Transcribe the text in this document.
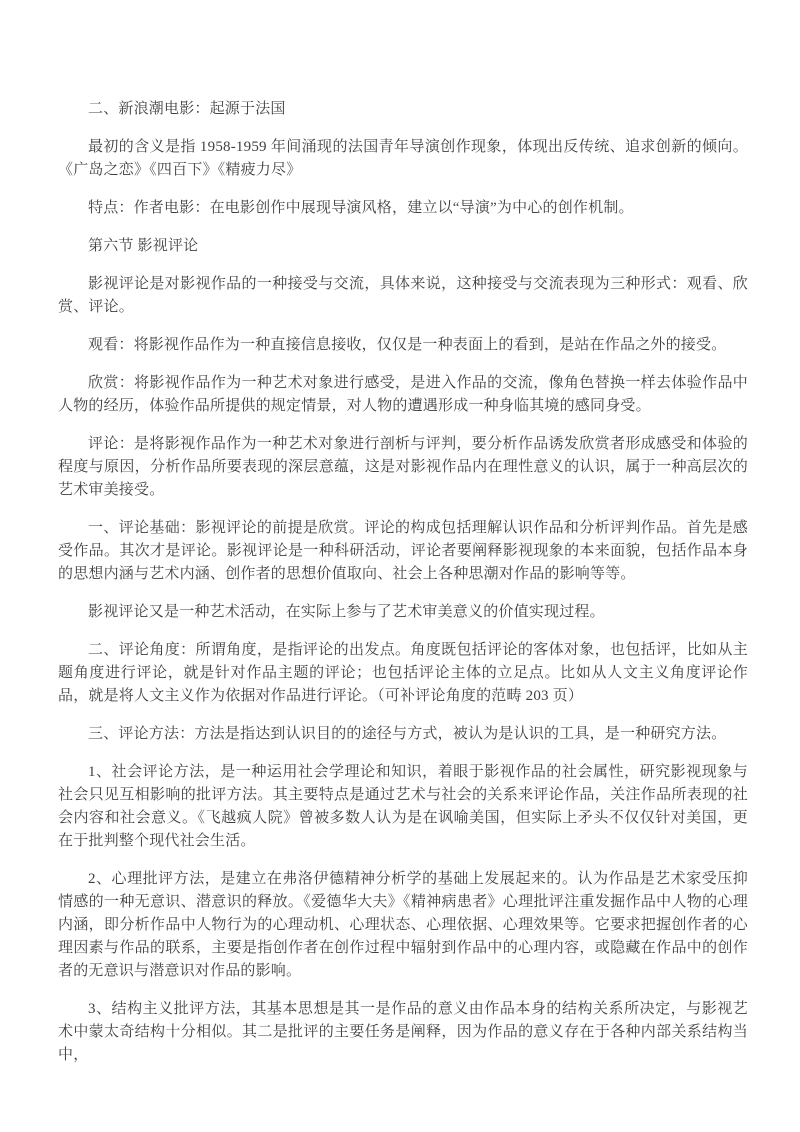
二、新浪潮电影：起源于法国

最初的含义是指 1958-1959 年间涌现的法国青年导演创作现象，体现出反传统、追求创新的倾向。《广岛之恋》《四百下》《精疲力尽》

特点：作者电影：在电影创作中展现导演风格，建立以“导演”为中心的创作机制。

第六节 影视评论

影视评论是对影视作品的一种接受与交流，具体来说，这种接受与交流表现为三种形式：观看、欣赏、评论。

观看：将影视作品作为一种直接信息接收，仅仅是一种表面上的看到，是站在作品之外的接受。

欣赏：将影视作品作为一种艺术对象进行感受，是进入作品的交流，像角色替换一样去体验作品中人物的经历，体验作品所提供的规定情景，对人物的遭遇形成一种身临其境的感同身受。

评论：是将影视作品作为一种艺术对象进行剖析与评判，要分析作品诱发欣赏者形成感受和体验的程度与原因，分析作品所要表现的深层意蕴，这是对影视作品内在理性意义的认识，属于一种高层次的艺术审美接受。

一、评论基础：影视评论的前提是欣赏。评论的构成包括理解认识作品和分析评判作品。首先是感受作品。其次才是评论。影视评论是一种科研活动，评论者要阐释影视现象的本来面貌，包括作品本身的思想内涵与艺术内涵、创作者的思想价值取向、社会上各种思潮对作品的影响等等。

影视评论又是一种艺术活动，在实际上参与了艺术审美意义的价值实现过程。

二、评论角度：所谓角度，是指评论的出发点。角度既包括评论的客体对象，也包括评，比如从主题角度进行评论，就是针对作品主题的评论；也包括评论主体的立足点。比如从人文主义角度评论作品，就是将人文主义作为依据对作品进行评论。（可补评论角度的范畴 203 页）

三、评论方法：方法是指达到认识目的的途径与方式，被认为是认识的工具，是一种研究方法。

1、社会评论方法，是一种运用社会学理论和知识，着眼于影视作品的社会属性，研究影视现象与社会只见互相影响的批评方法。其主要特点是通过艺术与社会的关系来评论作品，关注作品所表现的社会内容和社会意义。《飞越疯人院》曾被多数人认为是在讽喻美国，但实际上矛头不仅仅针对美国，更在于批判整个现代社会生活。

2、心理批评方法，是建立在弗洛伊德精神分析学的基础上发展起来的。认为作品是艺术家受压抑情感的一种无意识、潜意识的释放。《爱德华大夫》《精神病患者》心理批评注重发掘作品中人物的心理内涵，即分析作品中人物行为的心理动机、心理状态、心理依据、心理效果等。它要求把握创作者的心理因素与作品的联系，主要是指创作者在创作过程中辐射到作品中的心理内容，或隐藏在作品中的创作者的无意识与潜意识对作品的影响。

3、结构主义批评方法，其基本思想是其一是作品的意义由作品本身的结构关系所决定，与影视艺术中蒙太奇结构十分相似。其二是批评的主要任务是阐释，因为作品的意义存在于各种内部关系结构当中，
